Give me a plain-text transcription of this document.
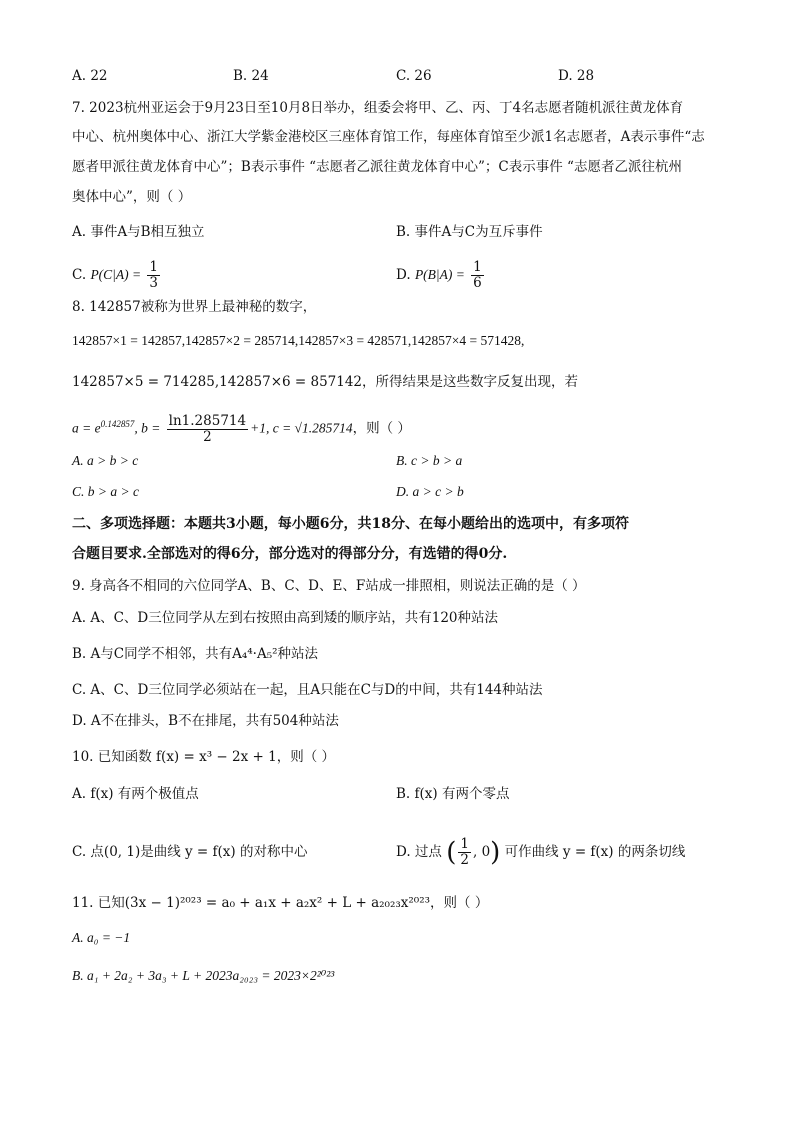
A. 22	B. 24	C. 26	D. 28
7. 2023杭州亚运会于9月23日至10月8日举办，组委会将甲、乙、丙、丁4名志愿者随机派往黄龙体育
中心、杭州奥体中心、浙江大学紫金港校区三座体育馆工作，每座体育馆至少派1名志愿者，A表示事件“志
愿者甲派往黄龙体育中心”；B表示事件 “志愿者乙派往黄龙体育中心”；C表示事件 “志愿者乙派往杭州
奥体中心”，则（ ）
A. 事件A与B相互独立	B. 事件A与C为互斥事件
C. $P(C|A) = \frac{1}{3}$	D. $P(B|A) = \frac{1}{6}$
8. 142857被称为世界上最神秘的数字，
142857×1 = 142857,142857×2 = 285714,142857×3 = 428571,142857×4 = 571428,
142857×5 = 714285,142857×6 = 857142，所得结果是这些数字反复出现，若
$a = e^{0.142857}$, $b = \frac{\ln 1.285714}{2} +1$, c = √1.285714，则（ ）
A. a > b > c	B. c > b > a
C. b > a > c	D. a > c > b
二、多项选择题：本题共3小题，每小题6分，共18分、在每小题给出的选项中，有多项符
合题目要求.全部选对的得6分，部分选对的得部分分，有选错的得0分.
9. 身高各不相同的六位同学A、B、C、D、E、F站成一排照相，则说法正确的是（ ）
A. A、C、D三位同学从左到右按照由高到矮的顺序站，共有120种站法
B. A与C同学不相邻，共有A₄⁴·A₅²种站法
C. A、C、D三位同学必须站在一起，且A只能在C与D的中间，共有144种站法
D. A不在排头，B不在排尾，共有504种站法
10. 已知函数 f(x) = x³ − 2x + 1，则（ ）
A. f(x) 有两个极值点	B. f(x) 有两个零点
C. 点(0, 1)是曲线 y = f(x) 的对称中心	D. 过点 ( $\frac{1}{2}$ , 0) 可作曲线 y = f(x) 的两条切线
11. 已知(3x − 1)²⁰²³ = a₀ + a₁x + a₂x² + L + a₂₀₂₃x²⁰²³，则（ ）
A. a₀ = −1
B. a₁ + 2a₂ + 3a₃ + L + 2023a₂₀₂₃ = 2023×2²⁰²³
